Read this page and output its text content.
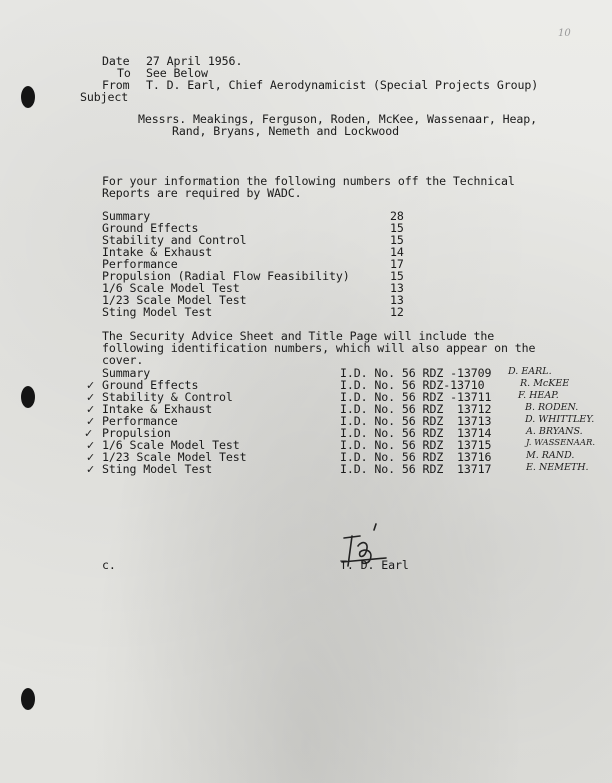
10
Date 27 April 1956.
To See Below
From T. D. Earl, Chief Aerodynamicist (Special Projects Group)
Subject
Messrs. Meakings, Ferguson, Roden, McKee, Wassenaar, Heap,
Rand, Bryans, Nemeth and Lockwood
For your information the following numbers off the Technical
Reports are required by WADC.
Summary	28
Ground Effects	15
Stability and Control	15
Intake & Exhaust	14
Performance	17
Propulsion (Radial Flow Feasibility)	15
1/6 Scale Model Test	13
1/23 Scale Model Test	13
Sting Model Test	12
The Security Advice Sheet and Title Page will include the
following identification numbers, which will also appear on the
cover.
Summary	I.D. No. 56 RDZ -13709 D. EARL.
✓ Ground Effects	I.D. No. 56 RDZ-13710	R. McKEE
✓ Stability & Control	I.D. No. 56 RDZ -13711	F. HEAP.
✓ Intake & Exhaust	I.D. No. 56 RDZ  13712	B. RODEN.
✓ Performance	I.D. No. 56 RDZ  13713	D. WHITTLEY.
✓ Propulsion	I.D. No. 56 RDZ  13714	A. BRYANS.
✓ 1/6 Scale Model Test	I.D. No. 56 RDZ  13715	J. WASSENAAR.
✓ 1/23 Scale Model Test	I.D. No. 56 RDZ  13716	M. RAND.
✓ Sting Model Test	I.D. No. 56 RDZ  13717	E. NEMETH.
c.	T. D. Earl
